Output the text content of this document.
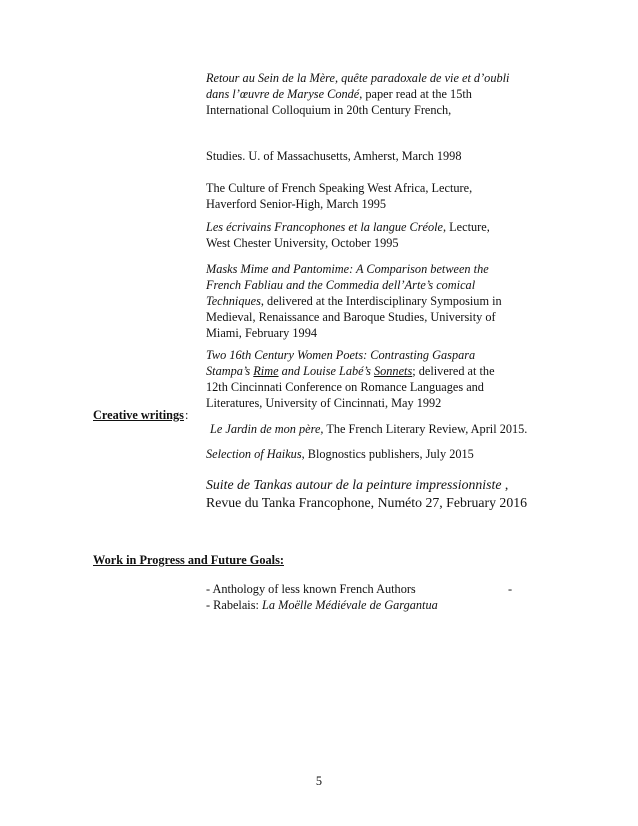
Retour au Sein de la Mère, quête paradoxale de vie et d’oubli
dans l’œuvre de Maryse Condé, paper read at the 15th
International Colloquium in 20th Century French,
Studies. U. of Massachusetts, Amherst, March 1998
The Culture of French Speaking West Africa, Lecture,
Haverford Senior-High, March 1995
Les écrivains Francophones et la langue Créole, Lecture,
West Chester University, October 1995
Masks Mime and Pantomime: A Comparison between the
French Fabliau and the Commedia dell’Arte’s comical
Techniques, delivered at the Interdisciplinary Symposium in
Medieval, Renaissance and Baroque Studies, University of
Miami, February 1994
Two 16th Century Women Poets: Contrasting Gaspara
Stampa’s Rime and Louise Labé’s Sonnets; delivered at the
12th Cincinnati Conference on Romance Languages and
Literatures, University of Cincinnati, May 1992
Creative writings :
Le Jardin de mon père, The French Literary Review, April 2015.
Selection of Haikus, Blognostics publishers, July 2015
Suite de Tankas autour de la peinture impressionniste ,
Revue du Tanka Francophone, Numéto 27, February 2016
Work in Progress and Future Goals:
- Anthology of less known French Authors	-
- Rabelais: La Moëlle Médiévale de Gargantua
5
